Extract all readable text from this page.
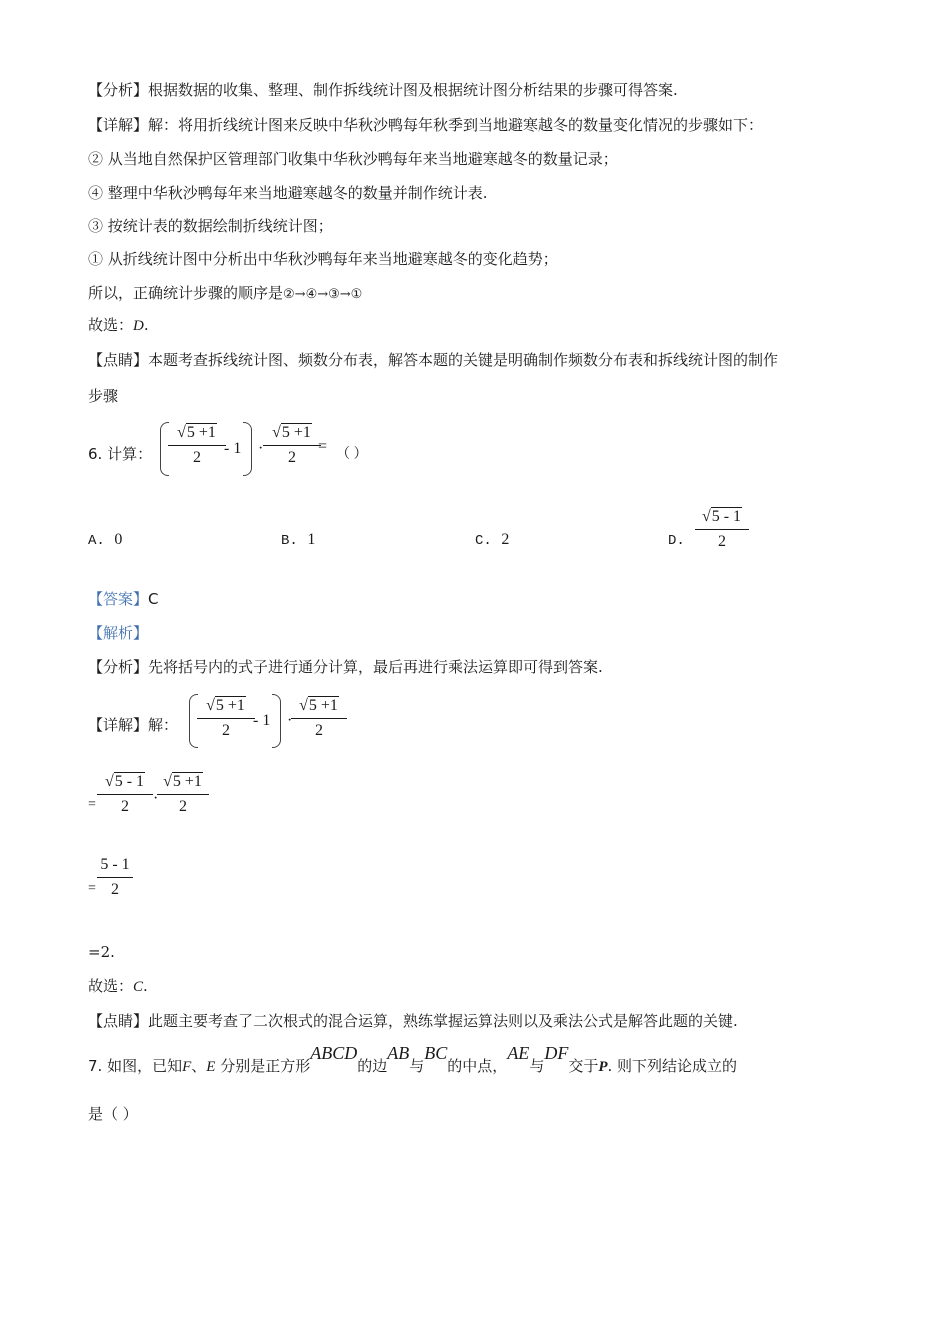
【分析】根据数据的收集、整理、制作拆线统计图及根据统计图分析结果的步骤可得答案.
【详解】解：将用折线统计图来反映中华秋沙鸭每年秋季到当地避寒越冬的数量变化情况的步骤如下：
② 从当地自然保护区管理部门收集中华秋沙鸭每年来当地避寒越冬的数量记录；
④ 整理中华秋沙鸭每年来当地避寒越冬的数量并制作统计表.
③ 按统计表的数据绘制折线统计图；
① 从折线统计图中分析出中华秋沙鸭每年来当地避寒越冬的变化趋势；
所以，正确统计步骤的顺序是②→④→③→①
故选：D.
【点睛】本题考查拆线统计图、频数分布表，解答本题的关键是明确制作频数分布表和拆线统计图的制作
步骤
6. 计算： $\frac{√5 +1}{2}$
- $1 \cdot \frac{√5 +1}{2}$
= （ ）
A. 0	B. 1	C. 2	D. $\frac{√5 - 1}{2}$
【答案】C
【解析】
【分析】先将括号内的式子进行通分计算，最后再进行乘法运算即可得到答案.
【详解】解： $\frac{√5 +1}{2}$
- 1 ·
$\frac{√5 +1}{2}$
= $\frac{√5 - 1}{2}$ ·
$\frac{√5 +1}{2}$
= $\frac{5 - 1}{2}$
=2.
故选：C.
【点睛】此题主要考查了二次根式的混合运算，熟练掌握运算法则以及乘法公式是解答此题的关键.
7. 如图，已知F、E 分别是正方形ABCD的边AB与BC的中点，AE与DF交于P. 则下列结论成立的
是（ ）
